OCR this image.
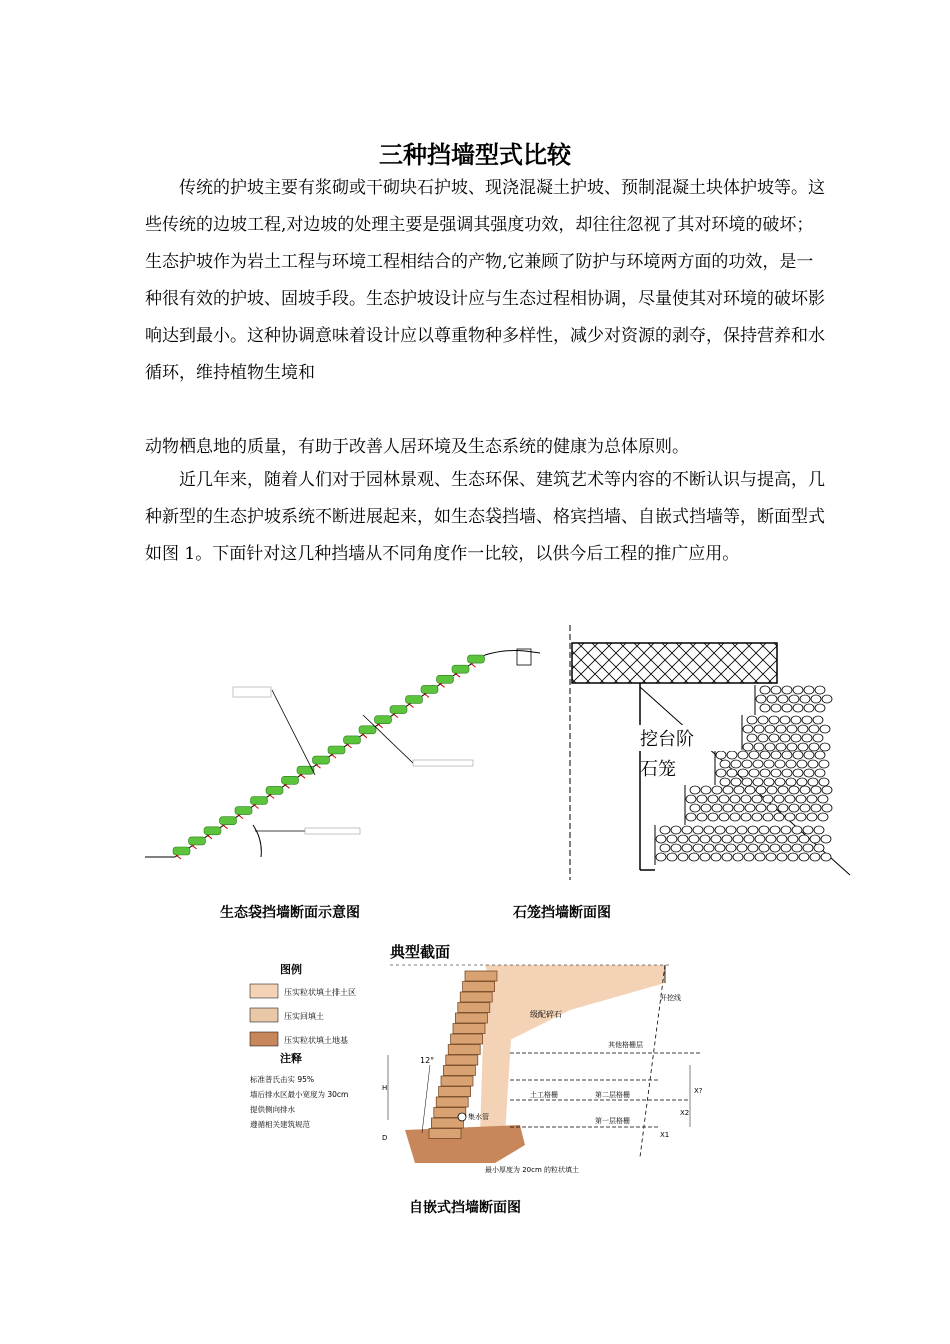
三种挡墙型式比较

　　传统的护坡主要有浆砌或干砌块石护坡、现浇混凝土护坡、预制混凝土块体护坡等。这些传统的边坡工程,对边坡的处理主要是强调其强度功效，却往往忽视了其对环境的破坏；生态护坡作为岩土工程与环境工程相结合的产物,它兼顾了防护与环境两方面的功效，是一种很有效的护坡、固坡手段。生态护坡设计应与生态过程相协调，尽量使其对环境的破坏影响达到最小。这种协调意味着设计应以尊重物种多样性，减少对资源的剥夺，保持营养和水循环，维持植物生境和

动物栖息地的质量，有助于改善人居环境及生态系统的健康为总体原则。

　　近几年来，随着人们对于园林景观、生态环保、建筑艺术等内容的不断认识与提高，几种新型的生态护坡系统不断进展起来，如生态袋挡墙、格宾挡墙、自嵌式挡墙等，断面型式如图 1。下面针对这几种挡墙从不同角度作一比较，以供今后工程的推广应用。

挖台阶
石笼
生态袋挡墙断面示意图	石笼挡墙断面图
典型截面
图例
压实粒状填土排土区
压实回填土
压实粒状填土地基
注释
标准普氏击实 95%
墙后排水区最小宽度为 30cm
提供侧向排水
遵循相关建筑规范
开挖线
级配碎石
其他格栅层
土工格栅	第二层格栅
第一层格栅
集水管
最小厚度为 20cm 的粒状填土
12°
H
D
X?
X2
X1
自嵌式挡墙断面图
